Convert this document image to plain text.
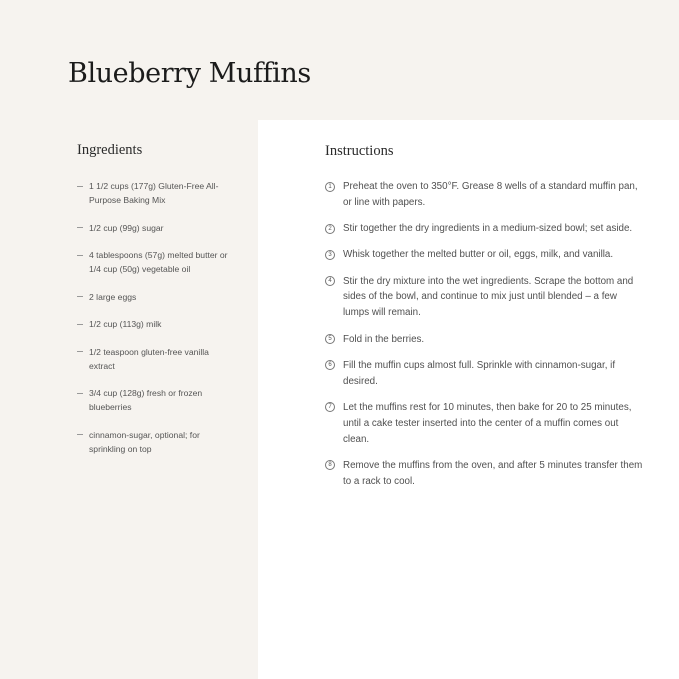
Blueberry Muffins
Ingredients
1 1/2 cups (177g) Gluten-Free All-Purpose Baking Mix
1/2 cup (99g) sugar
4 tablespoons (57g) melted butter or 1/4 cup (50g) vegetable oil
2 large eggs
1/2 cup (113g) milk
1/2 teaspoon gluten-free vanilla extract
3/4 cup (128g) fresh or frozen blueberries
cinnamon-sugar, optional; for sprinkling on top
Instructions
1	Preheat the oven to 350°F. Grease 8 wells of a standard muffin pan, or line with papers.
2	Stir together the dry ingredients in a medium-sized bowl; set aside.
3	Whisk together the melted butter or oil, eggs, milk, and vanilla.
4	Stir the dry mixture into the wet ingredients. Scrape the bottom and sides of the bowl, and continue to mix just until blended – a few lumps will remain.
5	Fold in the berries.
6	Fill the muffin cups almost full. Sprinkle with cinnamon-sugar, if desired.
7	Let the muffins rest for 10 minutes, then bake for 20 to 25 minutes, until a cake tester inserted into the center of a muffin comes out clean.
8	Remove the muffins from the oven, and after 5 minutes transfer them to a rack to cool.
